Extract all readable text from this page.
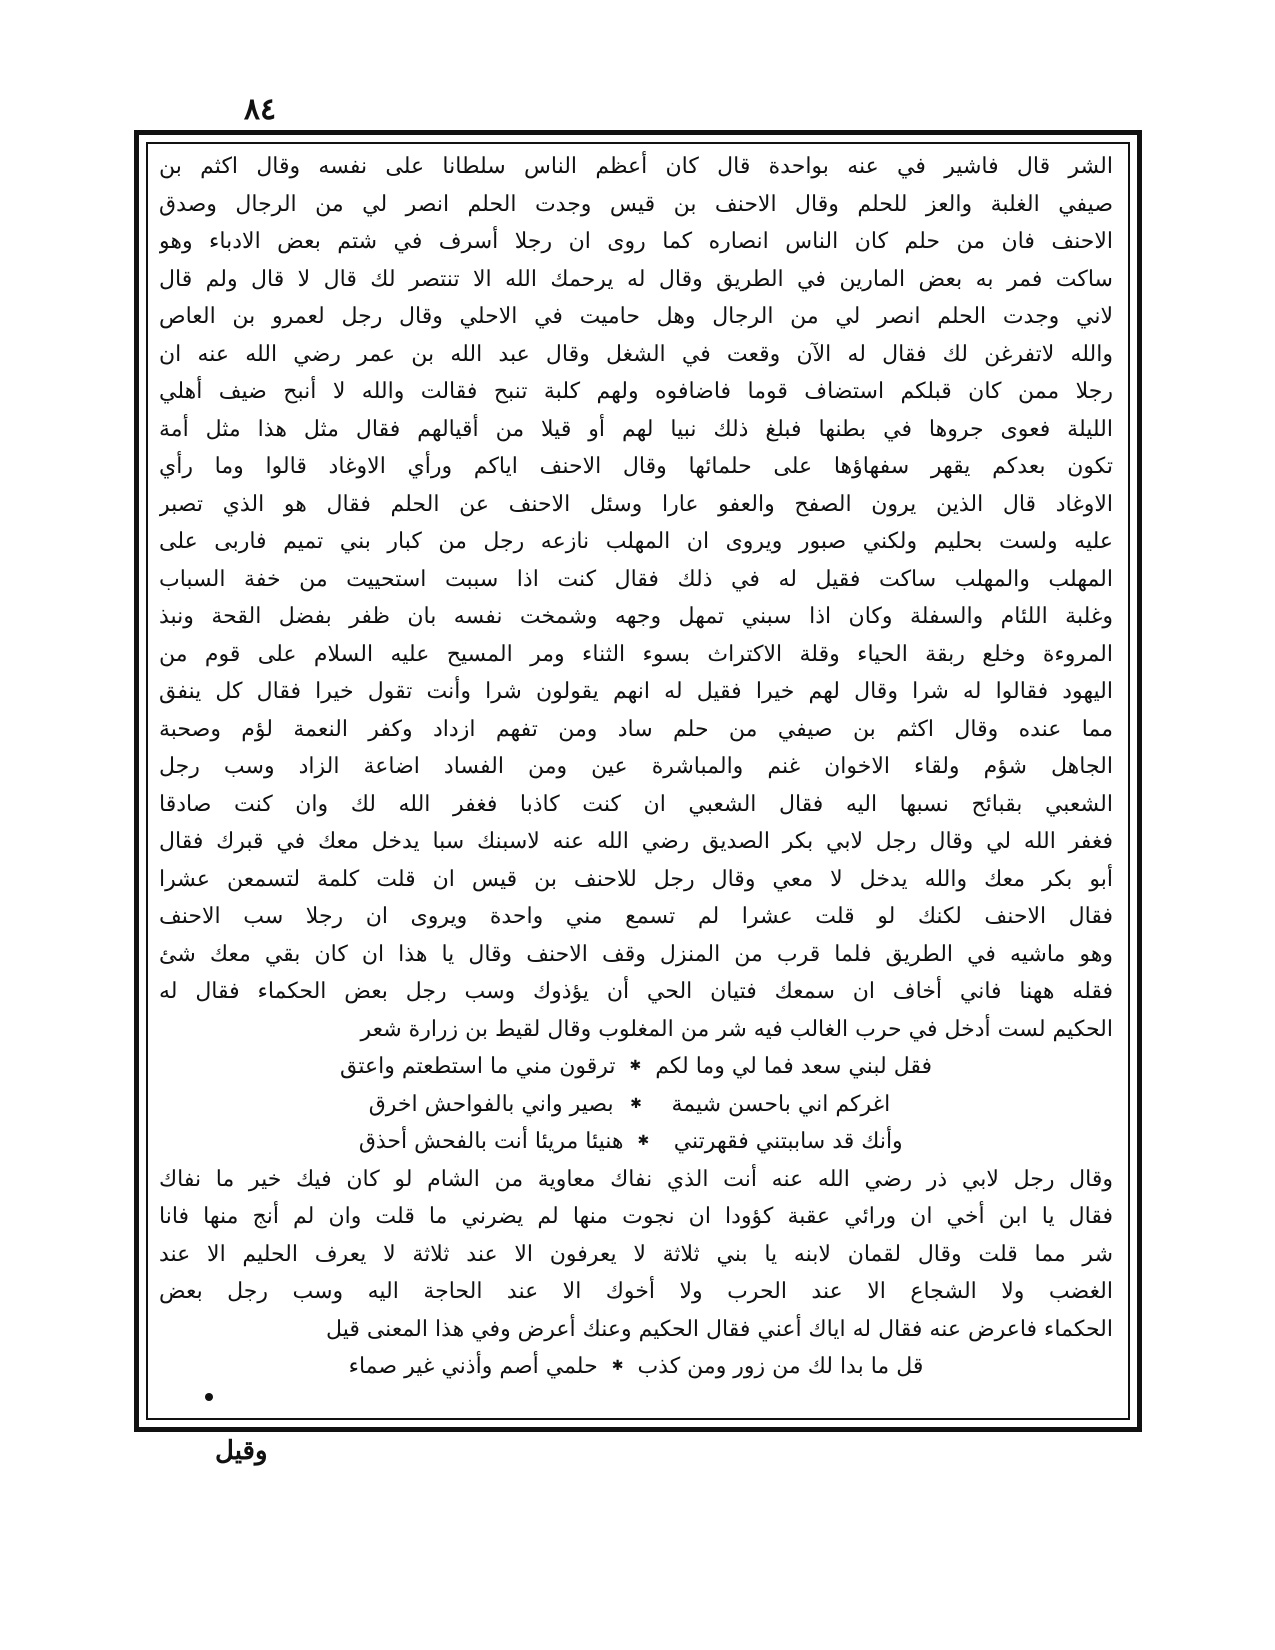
٨٤
الشر قال فاشير في عنه بواحدة قال كان أعظم الناس سلطانا على نفسه وقال اكثم بن
صيفي الغلبة والعز للحلم وقال الاحنف بن قيس وجدت الحلم انصر لي من الرجال وصدق
الاحنف فان من حلم كان الناس انصاره كما روى ان رجلا أسرف في شتم بعض الادباء وهو
ساكت فمر به بعض المارين في الطريق وقال له يرحمك الله الا تنتصر لك قال لا قال ولم قال
لاني وجدت الحلم انصر لي من الرجال وهل حاميت في الاحلي وقال رجل لعمرو بن العاص
والله لاتفرغن لك فقال له الآن وقعت في الشغل وقال عبد الله بن عمر رضي الله عنه ان
رجلا ممن كان قبلكم استضاف قوما فاضافوه ولهم كلبة تنبح فقالت والله لا أنبح ضيف أهلي
الليلة فعوى جروها في بطنها فبلغ ذلك نبيا لهم أو قيلا من أقيالهم فقال مثل هذا مثل أمة
تكون بعدكم يقهر سفهاؤها على حلمائها وقال الاحنف اياكم ورأي الاوغاد قالوا وما رأي
الاوغاد قال الذين يرون الصفح والعفو عارا وسئل الاحنف عن الحلم فقال هو الذي تصبر
عليه ولست بحليم ولكني صبور ويروى ان المهلب نازعه رجل من كبار بني تميم فاربى على
المهلب والمهلب ساكت فقيل له في ذلك فقال كنت اذا سببت استحييت من خفة السباب
وغلبة اللئام والسفلة وكان اذا سبني تمهل وجهه وشمخت نفسه بان ظفر بفضل القحة ونبذ
المروءة وخلع ربقة الحياء وقلة الاكتراث بسوء الثناء ومر المسيح عليه السلام على قوم من
اليهود فقالوا له شرا وقال لهم خيرا فقيل له انهم يقولون شرا وأنت تقول خيرا فقال كل ينفق
مما عنده وقال اكثم بن صيفي من حلم ساد ومن تفهم ازداد وكفر النعمة لؤم وصحبة
الجاهل شؤم ولقاء الاخوان غنم والمباشرة عين ومن الفساد اضاعة الزاد وسب رجل
الشعبي بقبائح نسبها اليه فقال الشعبي ان كنت كاذبا فغفر الله لك وان كنت صادقا
فغفر الله لي وقال رجل لابي بكر الصديق رضي الله عنه لاسبنك سبا يدخل معك في قبرك فقال
أبو بكر معك والله يدخل لا معي وقال رجل للاحنف بن قيس ان قلت كلمة لتسمعن عشرا
فقال الاحنف لكنك لو قلت عشرا لم تسمع مني واحدة ويروى ان رجلا سب الاحنف
وهو ماشيه في الطريق فلما قرب من المنزل وقف الاحنف وقال يا هذا ان كان بقي معك شئ
فقله ههنا فاني أخاف ان سمعك فتيان الحي أن يؤذوك وسب رجل بعض الحكماء فقال له
الحكيم لست أدخل في حرب الغالب فيه شر من المغلوب وقال لقيط بن زرارة شعر
فقل لبني سعد فما لي وما لكم
✱
ترقون مني ما استطعتم واعتق
اغركم اني باحسن شيمة
✱
بصير واني بالفواحش اخرق
وأنك قد ساببتني فقهرتني
✱
هنيئا مريئا أنت بالفحش أحذق
وقال رجل لابي ذر رضي الله عنه أنت الذي نفاك معاوية من الشام لو كان فيك خير ما نفاك
فقال يا ابن أخي ان ورائي عقبة كؤودا ان نجوت منها لم يضرني ما قلت وان لم أنج منها فانا
شر مما قلت وقال لقمان لابنه يا بني ثلاثة لا يعرفون الا عند ثلاثة لا يعرف الحليم الا عند
الغضب ولا الشجاع الا عند الحرب ولا أخوك الا عند الحاجة اليه وسب رجل بعض
الحكماء فاعرض عنه فقال له اياك أعني فقال الحكيم وعنك أعرض وفي هذا المعنى قيل
قل ما بدا لك من زور ومن كذب
✱
حلمي أصم وأذني غير صماء
وقيل
